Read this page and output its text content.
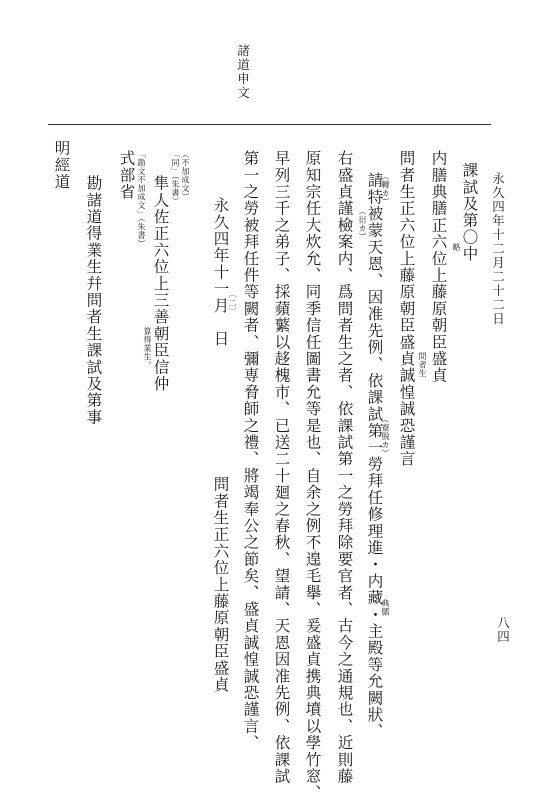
諸道申文
八四
永久四年十二月二十二日
課試及第〇中
略
内膳典膳正六位上藤原朝臣盛貞
問者生
問者生正六位上藤原朝臣盛貞誠惶誠恐謹言
請特被蒙天恩、因准先例、依課試第一勞拜任修理進・内藏・主殿等允闕狀、
（轉カ）
（衍カ）
（寮脱カ）
典膳
右盛貞謹檢案内、爲問者生之者、依課試第一之勞拜除要官者、古今之通規也、近則藤
原知宗任大炊允、同季信任圖書允等是也、自余之例不遑毛擧、爰盛貞携典墳以學竹窓、
早列三千之弟子、採蘋蘩以趍槐市、已送二十廻之春秋、望請、天恩因准先例、依課試
第一之勞被拜任件等闕者、彌専脅師之禮、將竭奉公之節矣、盛貞誠惶誠恐謹言、
永久四年十一月　日
〔二〕
問者生正六位上藤原朝臣盛貞
隼人佐正六位上三善朝臣信仲
算得業生、
（不加成文）
「同」（朱書）
式部省 「勘文不加成文」（朱書）
勘諸道得業生幷問者生課試及第事
明經道
